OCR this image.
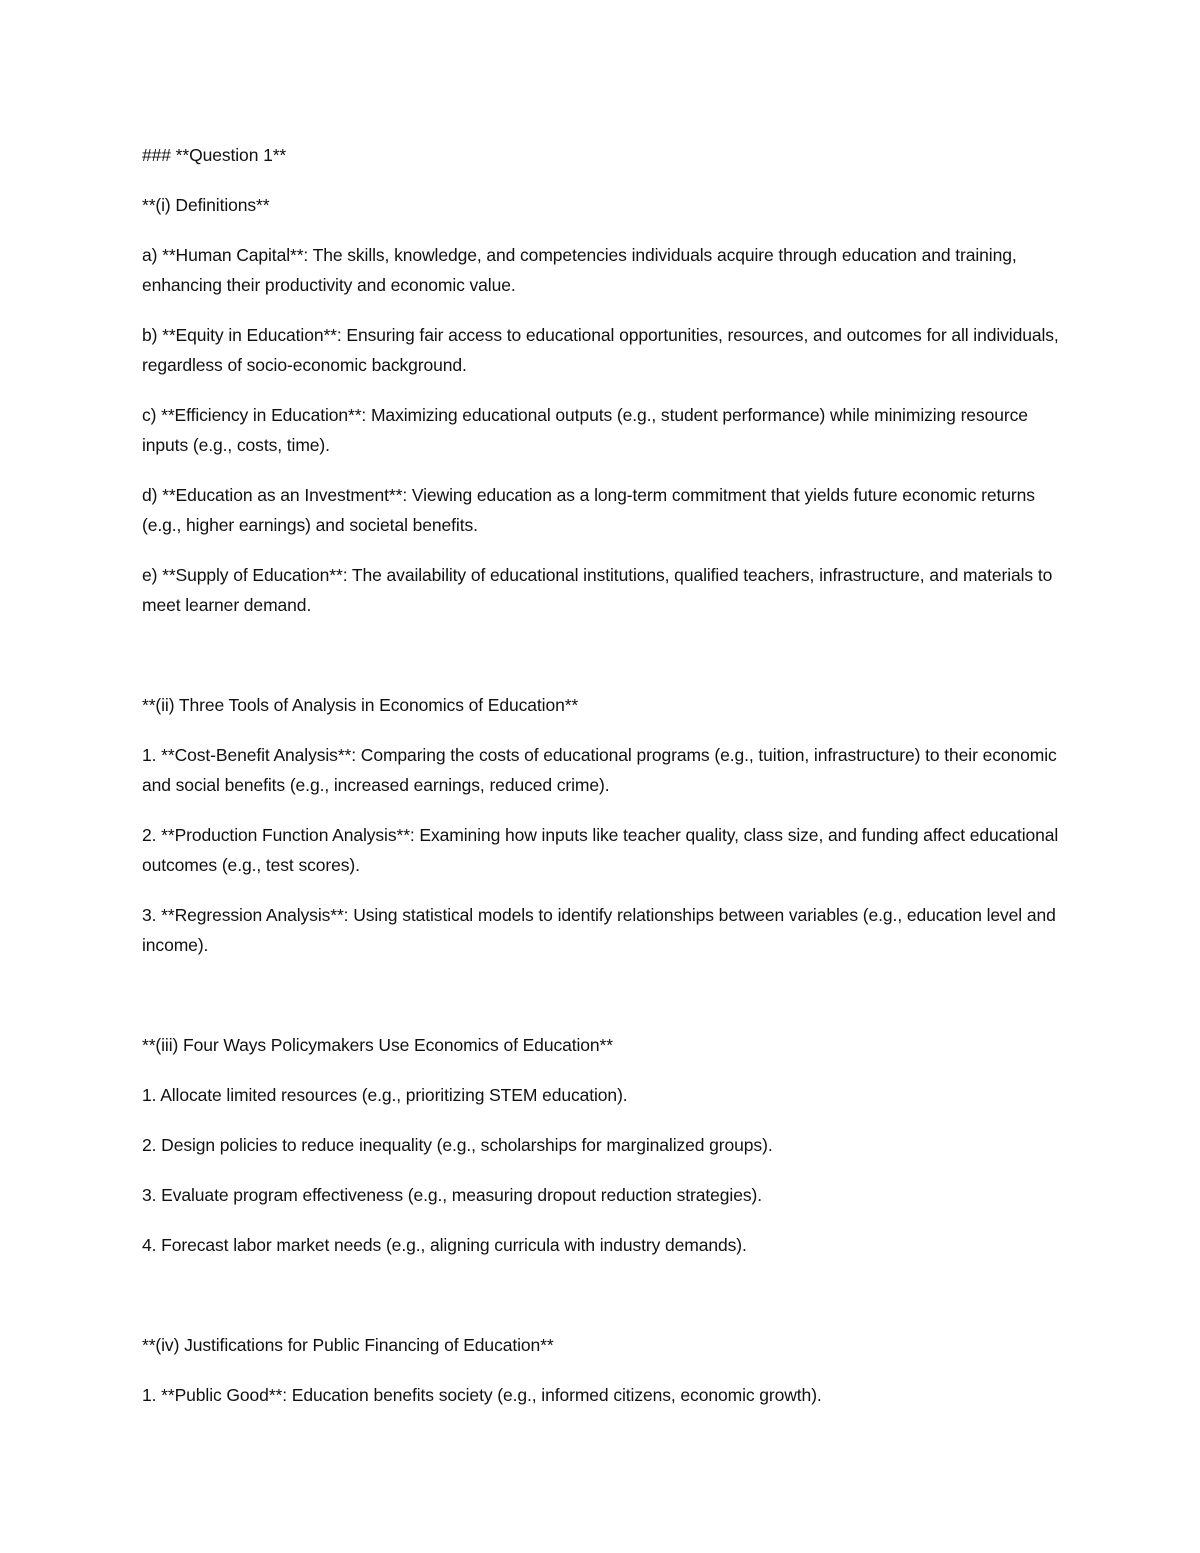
### **Question 1**

**(i) Definitions**

a) **Human Capital**: The skills, knowledge, and competencies individuals acquire through education and training, enhancing their productivity and economic value.

b) **Equity in Education**: Ensuring fair access to educational opportunities, resources, and outcomes for all individuals, regardless of socio-economic background.

c) **Efficiency in Education**: Maximizing educational outputs (e.g., student performance) while minimizing resource inputs (e.g., costs, time).

d) **Education as an Investment**: Viewing education as a long-term commitment that yields future economic returns (e.g., higher earnings) and societal benefits.

e) **Supply of Education**: The availability of educational institutions, qualified teachers, infrastructure, and materials to meet learner demand.

**(ii) Three Tools of Analysis in Economics of Education**

1. **Cost-Benefit Analysis**: Comparing the costs of educational programs (e.g., tuition, infrastructure) to their economic and social benefits (e.g., increased earnings, reduced crime).

2. **Production Function Analysis**: Examining how inputs like teacher quality, class size, and funding affect educational outcomes (e.g., test scores).

3. **Regression Analysis**: Using statistical models to identify relationships between variables (e.g., education level and income).

**(iii) Four Ways Policymakers Use Economics of Education**

1. Allocate limited resources (e.g., prioritizing STEM education).

2. Design policies to reduce inequality (e.g., scholarships for marginalized groups).

3. Evaluate program effectiveness (e.g., measuring dropout reduction strategies).

4. Forecast labor market needs (e.g., aligning curricula with industry demands).

**(iv) Justifications for Public Financing of Education**

1. **Public Good**: Education benefits society (e.g., informed citizens, economic growth).
